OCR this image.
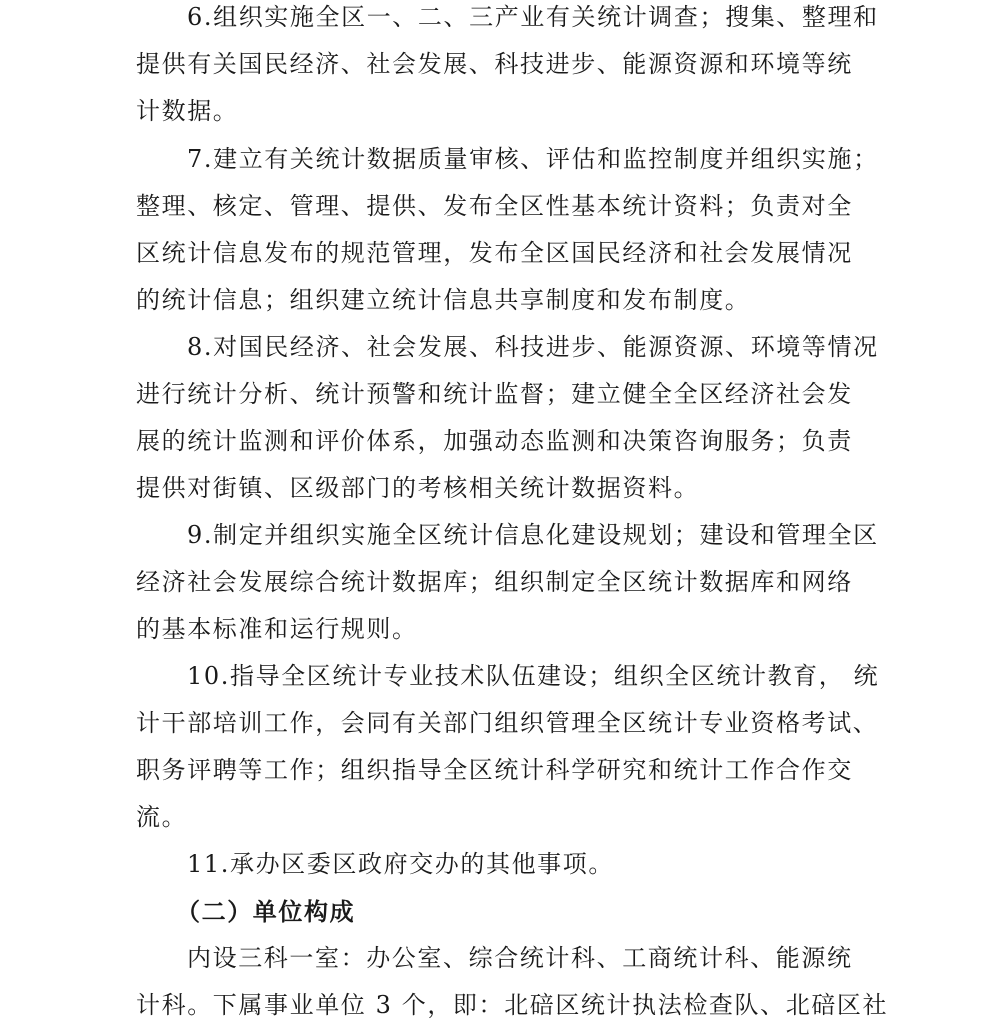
6.组织实施全区一、二、三产业有关统计调查；搜集、整理和
提供有关国民经济、社会发展、科技进步、能源资源和环境等统
计数据。
7.建立有关统计数据质量审核、评估和监控制度并组织实施；
整理、核定、管理、提供、发布全区性基本统计资料；负责对全
区统计信息发布的规范管理，发布全区国民经济和社会发展情况
的统计信息；组织建立统计信息共享制度和发布制度。
8.对国民经济、社会发展、科技进步、能源资源、环境等情况
进行统计分析、统计预警和统计监督；建立健全全区经济社会发
展的统计监测和评价体系，加强动态监测和决策咨询服务；负责
提供对街镇、区级部门的考核相关统计数据资料。
9.制定并组织实施全区统计信息化建设规划；建设和管理全区
经济社会发展综合统计数据库；组织制定全区统计数据库和网络
的基本标准和运行规则。
10.指导全区统计专业技术队伍建设；组织全区统计教育， 统
计干部培训工作，会同有关部门组织管理全区统计专业资格考试、
职务评聘等工作；组织指导全区统计科学研究和统计工作合作交
流。
11.承办区委区政府交办的其他事项。
（二）单位构成
内设三科一室：办公室、综合统计科、工商统计科、能源统
计科。下属事业单位 3 个，即：北碚区统计执法检查队、北碚区社
